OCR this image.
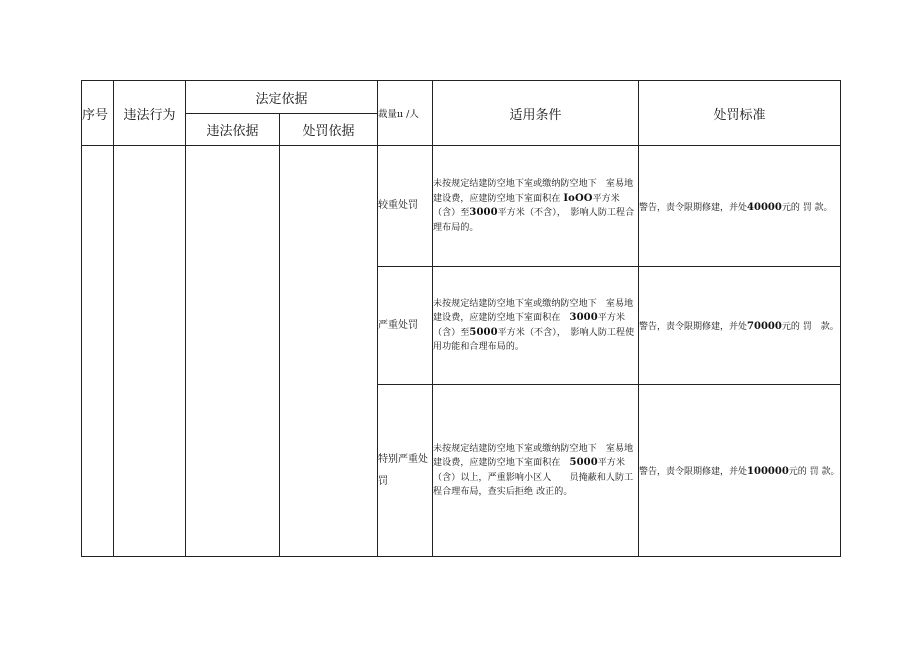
序号	违法行为	法定依据		裁量ıı /人	适用条件	处罚标准
		违法依据	处罚依据			
				较重处罚	未按规定结建防空地下室或缴纳防空地下　室易地建设费，应建防空地下室面积在 IoOO平方米（含）至3000平方米（不含），　影响人防工程合理布局的。	警告，责令限期修建，并处40000元的 罚 款。
				严重处罚	未按规定结建防空地下室或缴纳防空地下　室易地建设费，应建防空地下室面积在　3000平方米（含）至5000平方米（不含），　影响人防工程使用功能和合理布局的。	警告，责令限期修建，并处70000元的 罚　款。
				特别严重处罚	未按规定结建防空地下室或缴纳防空地下　室易地建设费，应建防空地下室面积在　5000平方米（含）以上，严重影响小区人　　员掩蔽和人防工程合理布局，查实后拒绝 改正的。	警告，责令限期修建，并处100000元的 罚 款。
